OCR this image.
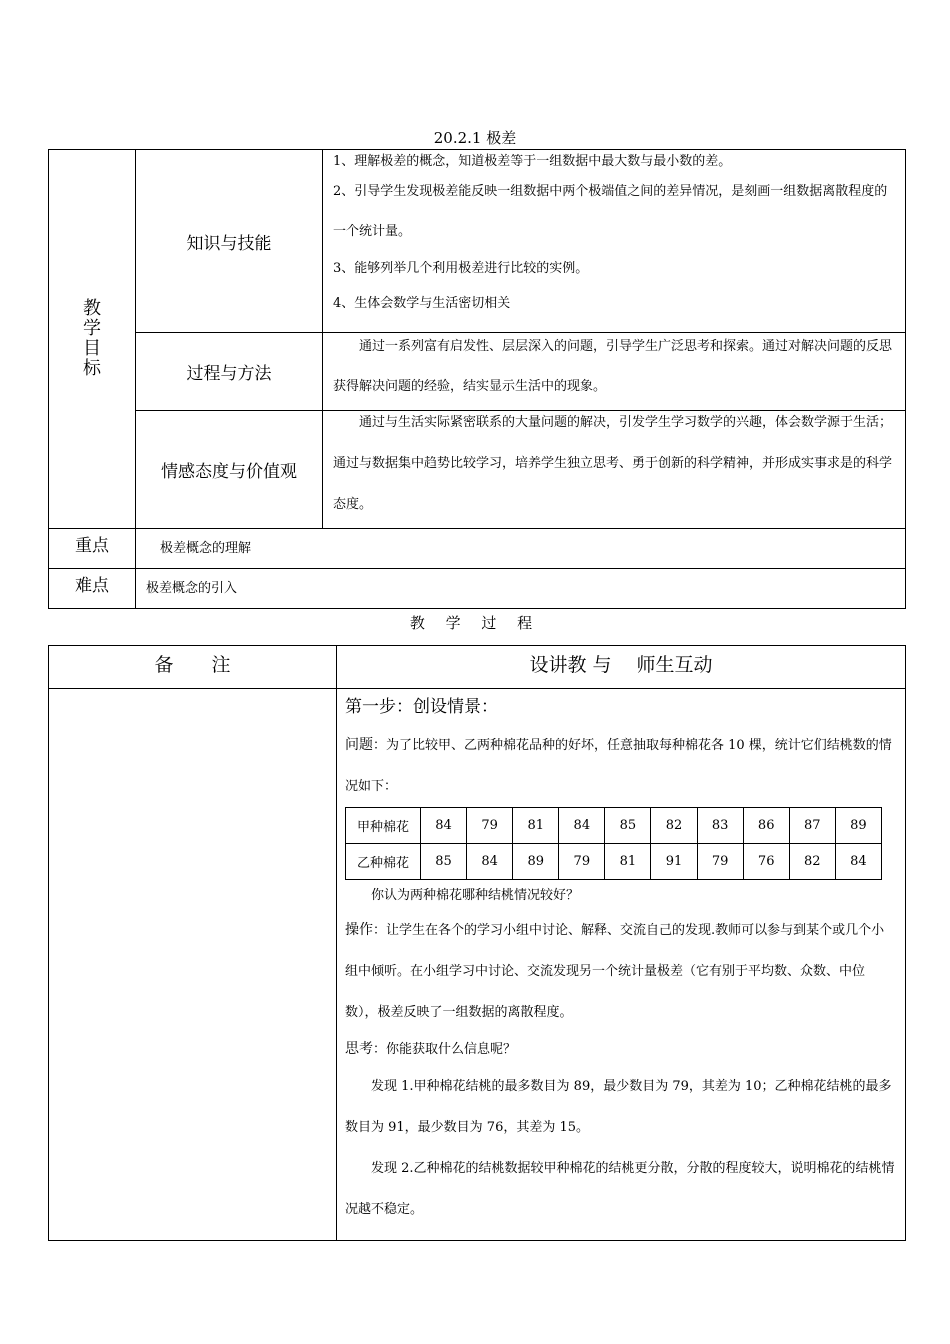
20.2.1 极差
教学目标	知识与技能	1、理解极差的概念，知道极差等于一组数据中最大数与最小数的差。

2、引导学生发现极差能反映一组数据中两个极端值之间的差异情况，是刻画一组数据离散程度的一个统计量。

3、能够列举几个利用极差进行比较的实例。

4、生体会数学与生活密切相关

	过程与方法	通过一系列富有启发性、层层深入的问题，引导学生广泛思考和探索。通过对解决问题的反思获得解决问题的经验，结实显示生活中的现象。

	情感态度与价值观	通过与生活实际紧密联系的大量问题的解决，引发学生学习数学的兴趣，体会数学源于生活；通过与数据集中趋势比较学习，培养学生独立思考、勇于创新的科学精神，并形成实事求是的科学态度。

重点	极差概念的理解	
难点	极差概念的引入	
教 学 过 程
备　　注	设讲教 与　 师生互动

第一步：创设情景：

问题：为了比较甲、乙两种棉花品种的好坏，任意抽取每种棉花各 10 棵，统计它们结桃数的情况如下：

甲种棉花	84	79	81	84	85	82	83	86	87	89
乙种棉花	85	84	89	79	81	91	79	76	82	84

你认为两种棉花哪种结桃情况较好？

操作：让学生在各个的学习小组中讨论、解释、交流自己的发现.教师可以参与到某个或几个小组中倾听。在小组学习中讨论、交流发现另一个统计量极差（它有别于平均数、众数、中位数），极差反映了一组数据的离散程度。

思考：你能获取什么信息呢？

发现 1.甲种棉花结桃的最多数目为 89，最少数目为 79，其差为 10；乙种棉花结桃的最多数目为 91，最少数目为 76，其差为 15。

发现 2.乙种棉花的结桃数据较甲种棉花的结桃更分散，分散的程度较大，说明棉花的结桃情况越不稳定。
